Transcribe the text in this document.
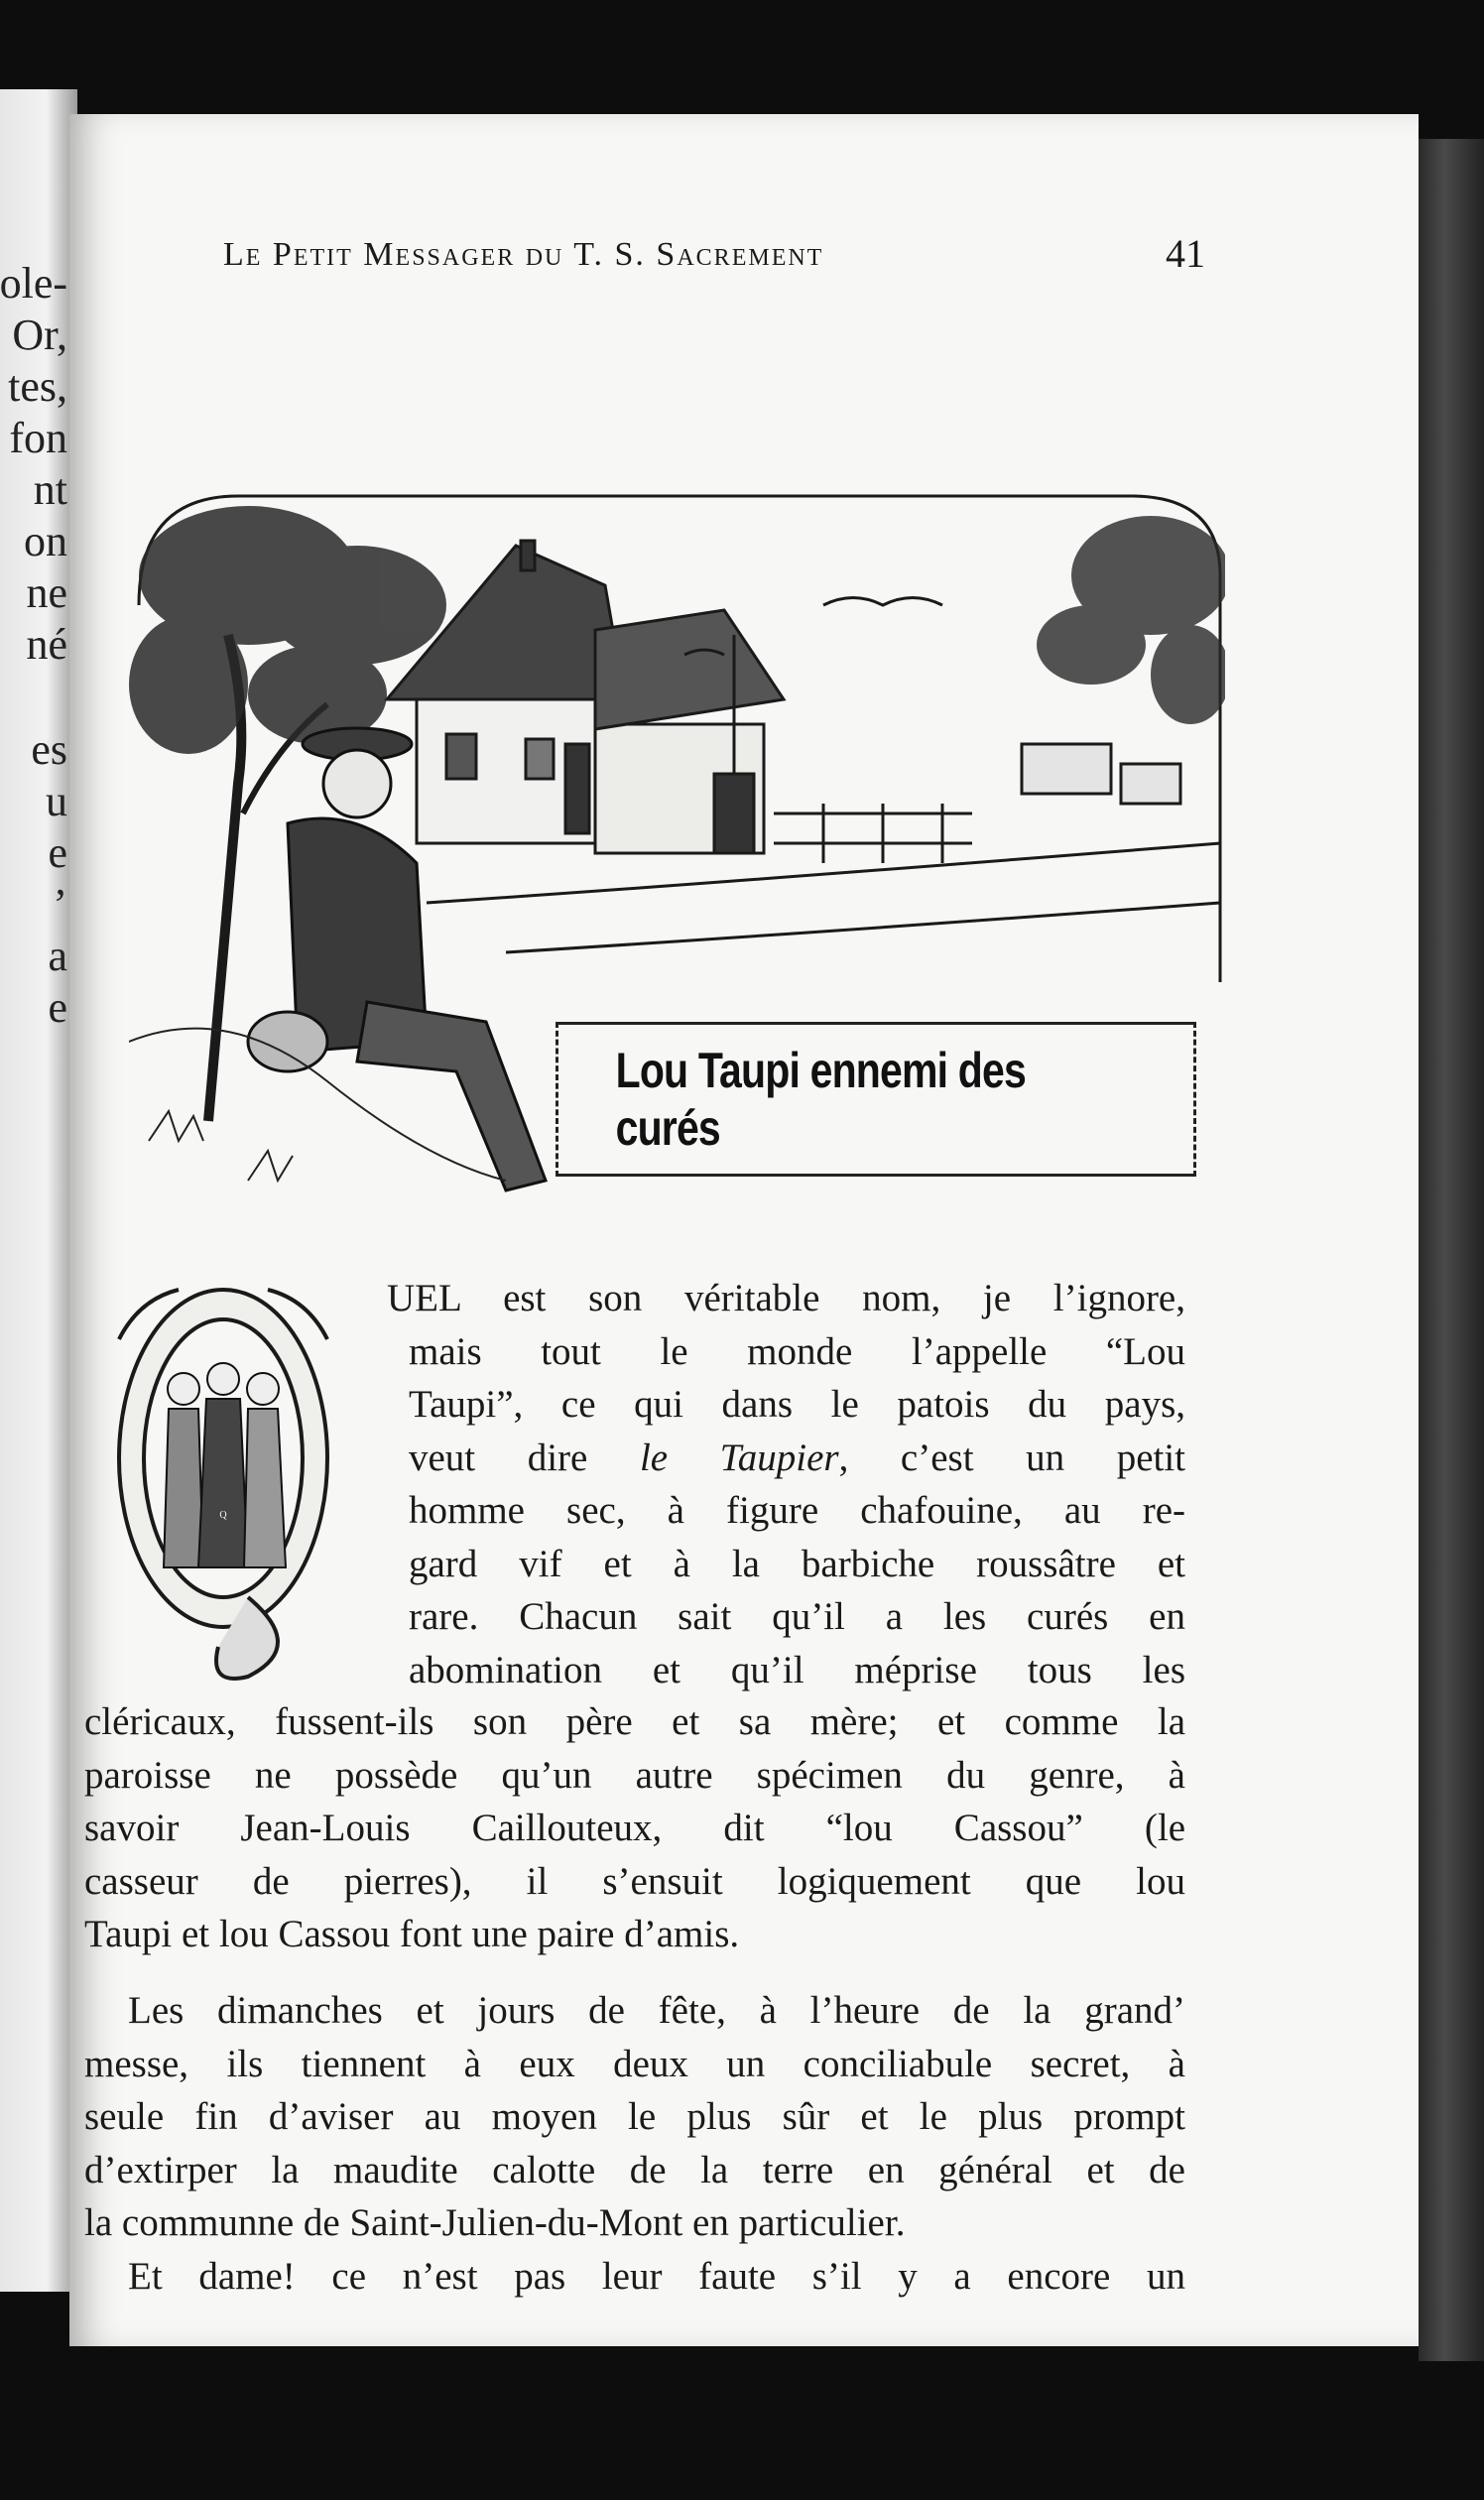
ole-
Or,
tes,
fon
nt
on
ne
né
es
u
e
’
a
e
Le Petit Messager du T. S. Sacrement	41
Lou Taupi ennemi des curés
Q
UEL est son véritable nom, je l’ignore,
mais tout le monde l’appelle “Lou
Taupi”, ce qui dans le patois du pays,
veut dire le Taupier, c’est un petit
homme sec, à figure chafouine, au re-
gard vif et à la barbiche roussâtre et
rare. Chacun sait qu’il a les curés en
abomination et qu’il méprise tous les
cléricaux, fussent-ils son père et sa mère; et comme la
paroisse ne possède qu’un autre spécimen du genre, à
savoir Jean-Louis Caillouteux, dit “lou Cassou” (le
casseur de pierres), il s’ensuit logiquement que lou
Taupi et lou Cassou font une paire d’amis.
Les dimanches et jours de fête, à l’heure de la grand’
messe, ils tiennent à eux deux un conciliabule secret, à
seule fin d’aviser au moyen le plus sûr et le plus prompt
d’extirper la maudite calotte de la terre en général et de
la communne de Saint-Julien-du-Mont en particulier.
Et dame! ce n’est pas leur faute s’il y a encore un
